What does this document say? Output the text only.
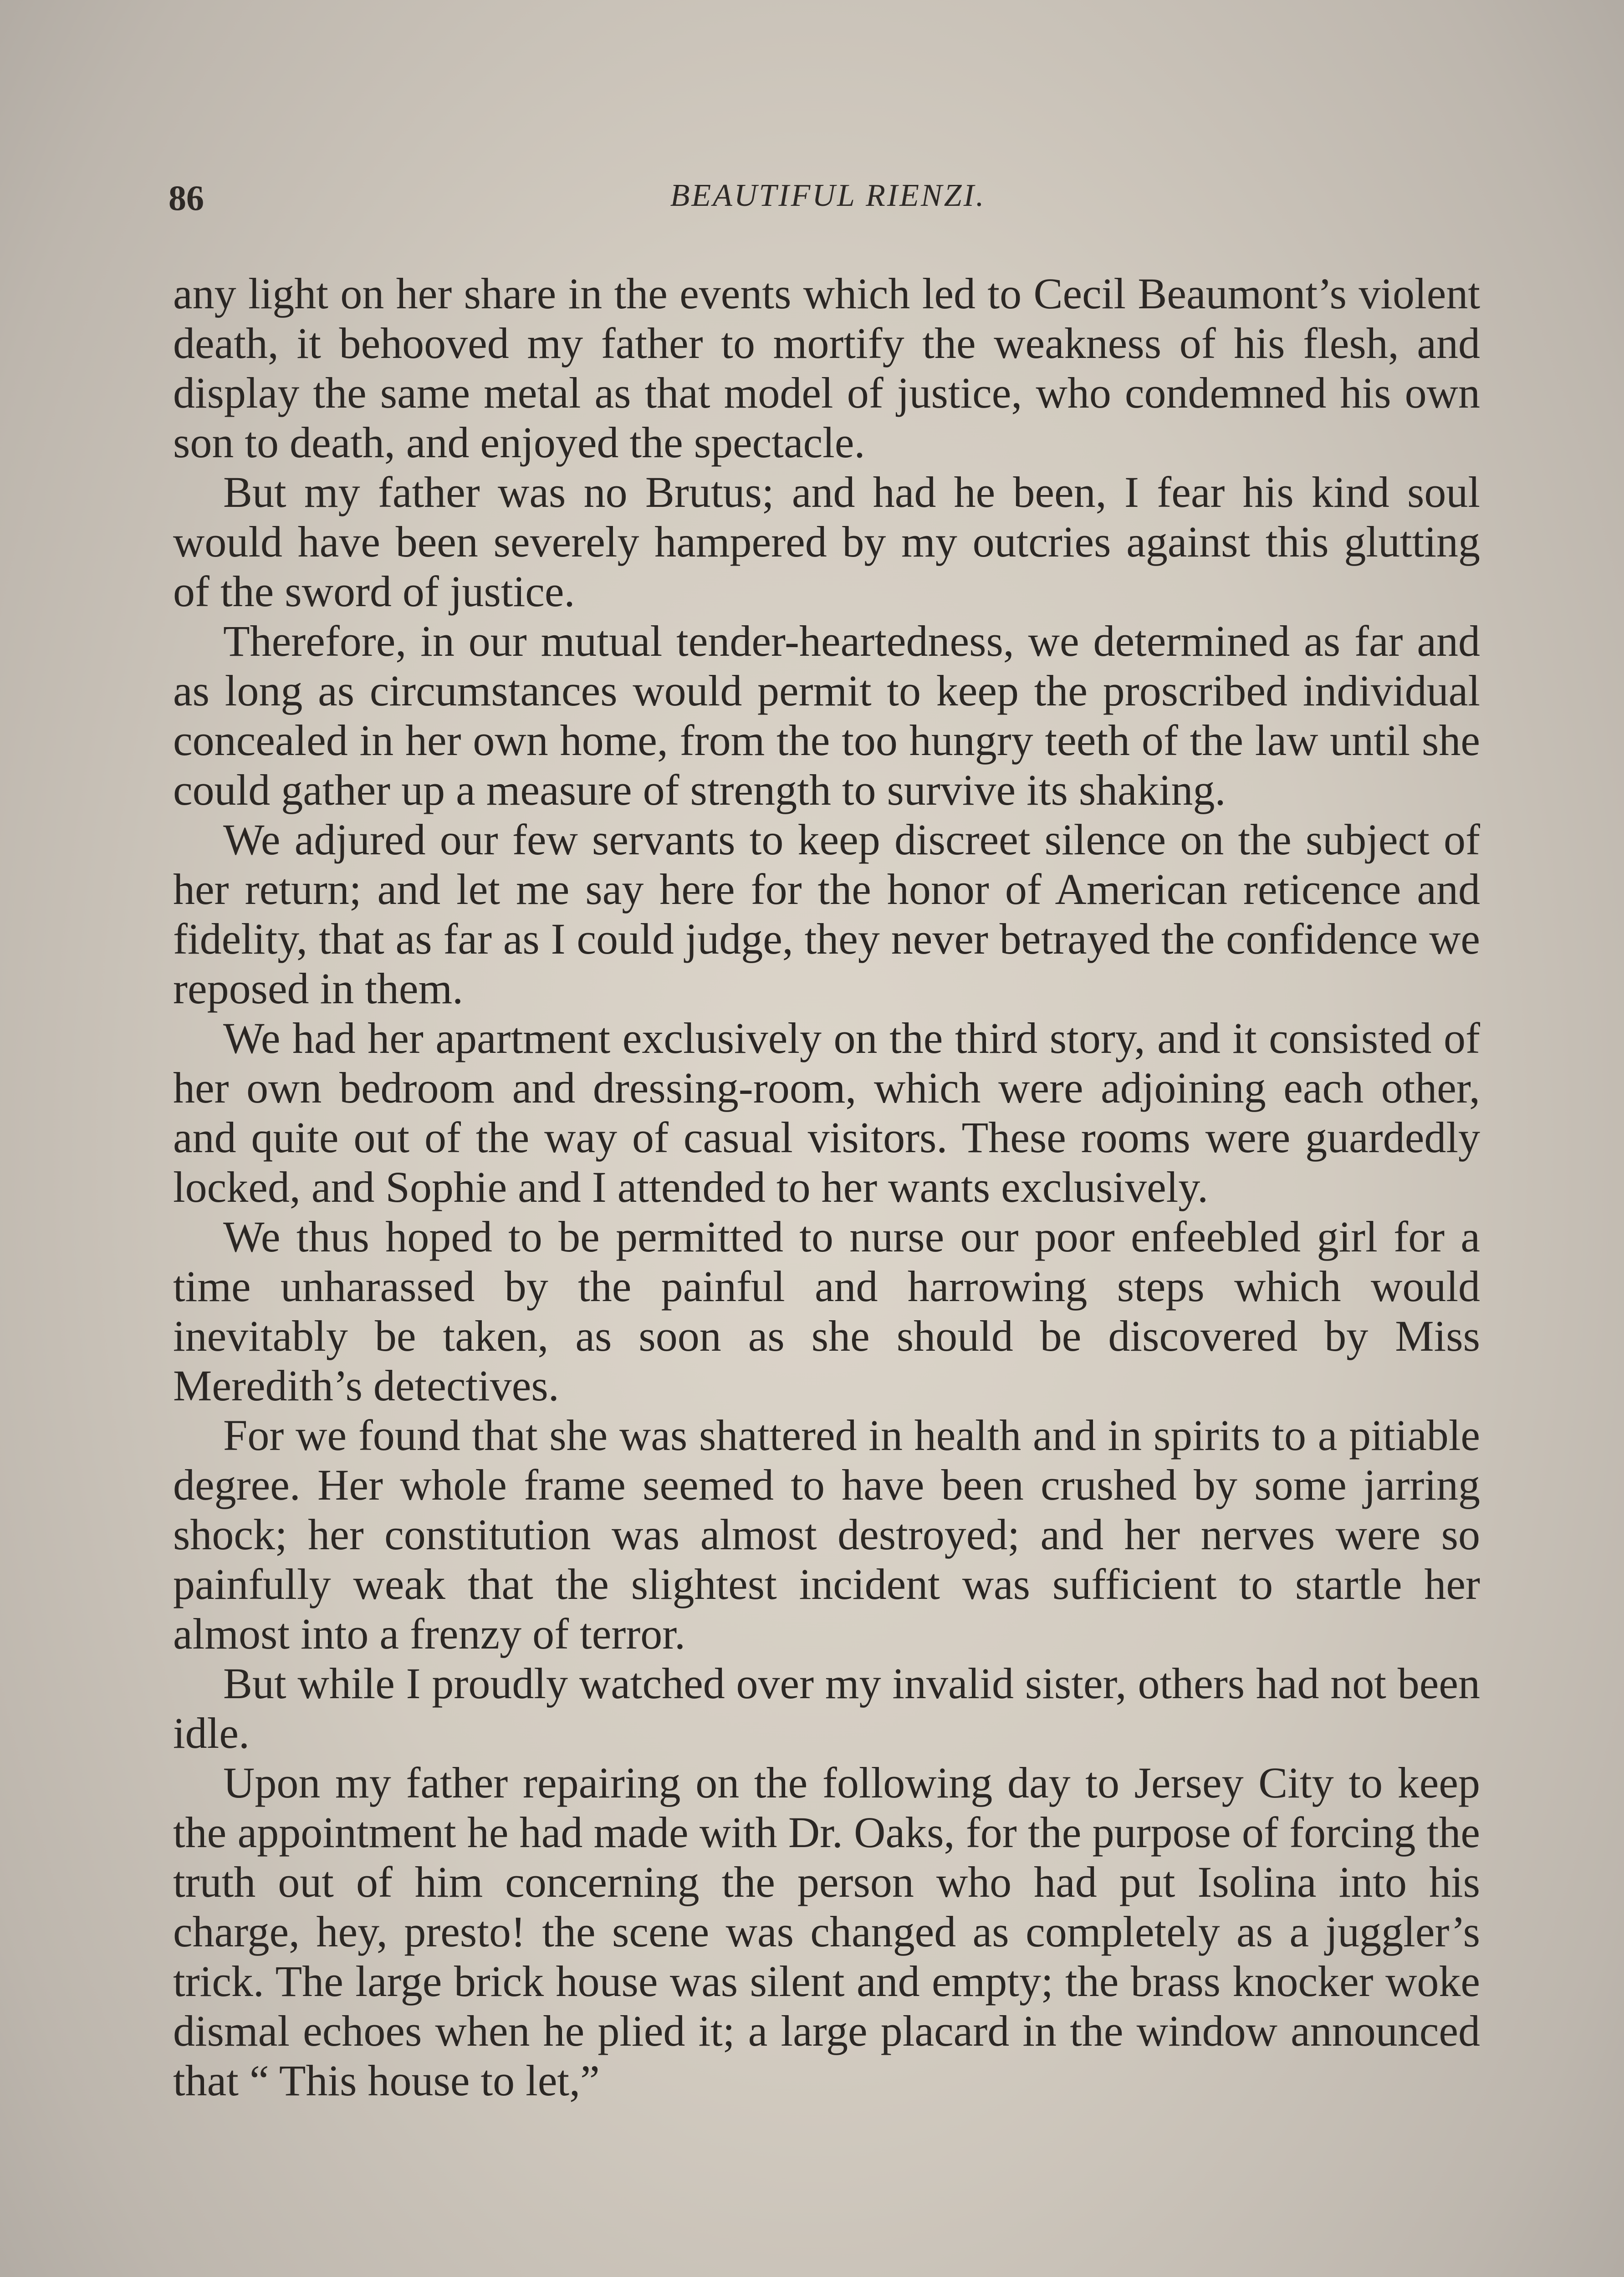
86	BEAUTIFUL RIENZI.

any light on her share in the events which led to Cecil Beaumont’s violent death, it behooved my father to mortify the weakness of his flesh, and display the same metal as that model of justice, who condemned his own son to death, and enjoyed the spectacle.

But my father was no Brutus; and had he been, I fear his kind soul would have been severely hampered by my outcries against this glutting of the sword of justice.

Therefore, in our mutual tender-heartedness, we determined as far and as long as circumstances would permit to keep the proscribed individual concealed in her own home, from the too hungry teeth of the law until she could gather up a measure of strength to survive its shaking.

We adjured our few servants to keep discreet silence on the subject of her return; and let me say here for the honor of American reticence and fidelity, that as far as I could judge, they never betrayed the confidence we reposed in them.

We had her apartment exclusively on the third story, and it consisted of her own bedroom and dressing-room, which were adjoining each other, and quite out of the way of casual visitors. These rooms were guardedly locked, and Sophie and I attended to her wants exclusively.

We thus hoped to be permitted to nurse our poor enfeebled girl for a time unharassed by the painful and harrowing steps which would inevitably be taken, as soon as she should be discovered by Miss Meredith’s detectives.

For we found that she was shattered in health and in spirits to a pitiable degree. Her whole frame seemed to have been crushed by some jarring shock; her constitution was almost destroyed; and her nerves were so painfully weak that the slightest incident was sufficient to startle her almost into a frenzy of terror.

But while I proudly watched over my invalid sister, others had not been idle.

Upon my father repairing on the following day to Jersey City to keep the appointment he had made with Dr. Oaks, for the purpose of forcing the truth out of him concerning the person who had put Isolina into his charge, hey, presto! the scene was changed as completely as a juggler’s trick. The large brick house was silent and empty; the brass knocker woke dismal echoes when he plied it; a large placard in the window announced that “ This house to let,”
